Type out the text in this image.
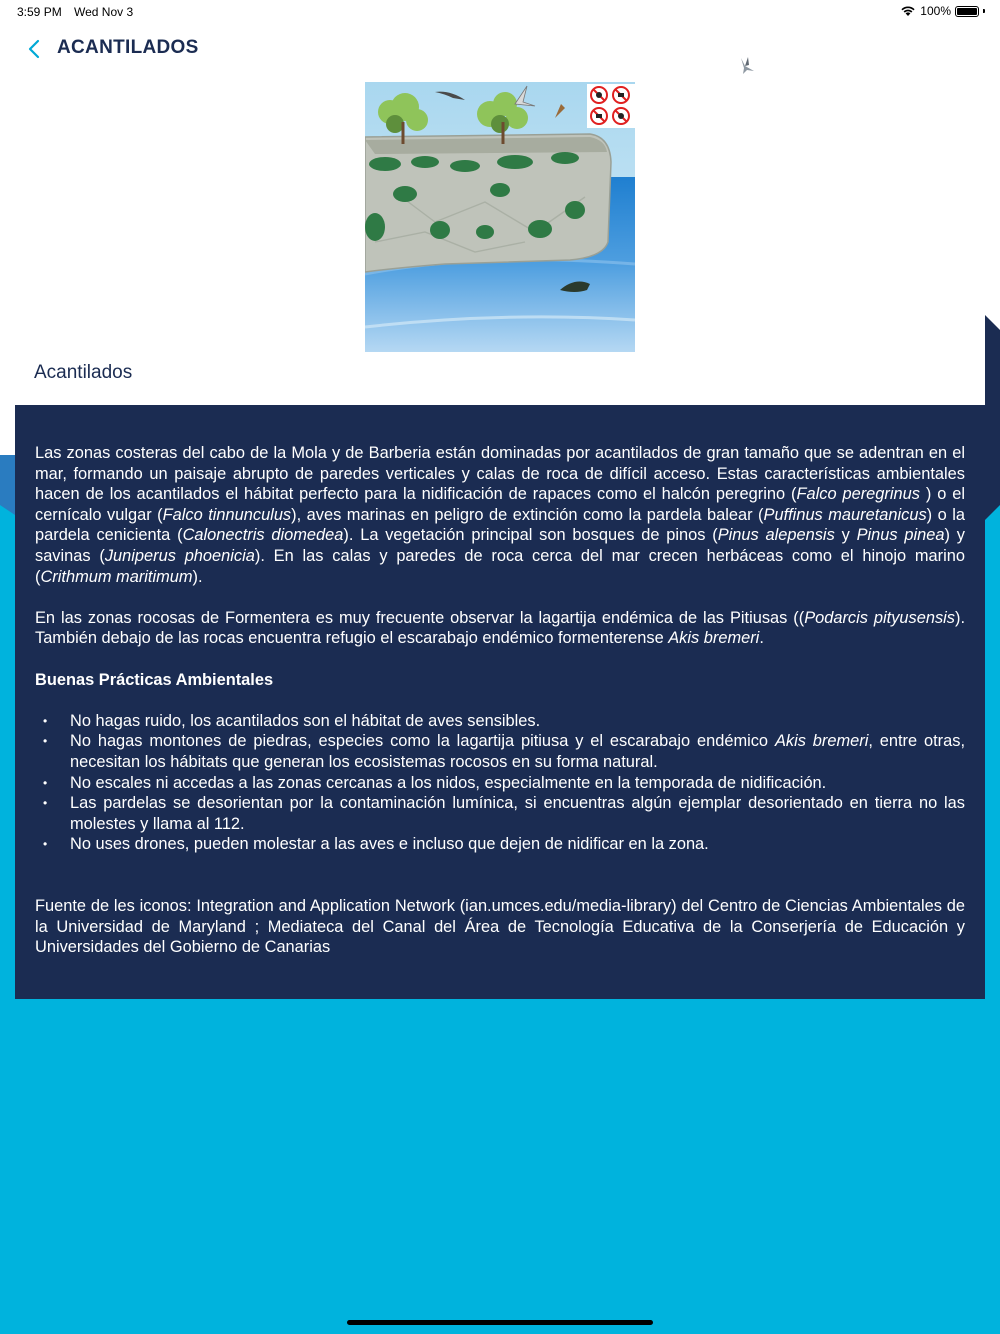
3:59 PM Wed Nov 3	100%
ACANTILADOS
Acantilados

Las zonas costeras del cabo de la Mola y de Barberia están dominadas por acantilados de gran tamaño que se adentran en el mar, formando un paisaje abrupto de paredes verticales y calas de roca de difícil acceso. Estas características ambientales hacen de los acantilados el hábitat perfecto para la nidificación de rapaces como el halcón peregrino (Falco peregrinus ) o el cernícalo vulgar (Falco tinnunculus), aves marinas en peligro de extinción como la pardela balear (Puffinus mauretanicus) o la pardela cenicienta (Calonectris diomedea). La vegetación principal son bosques de pinos (Pinus alepensis y Pinus pinea) y savinas (Juniperus phoenicia). En las calas y paredes de roca cerca del mar crecen herbáceas como el hinojo marino (Crithmum maritimum).

En las zonas rocosas de Formentera es muy frecuente observar la lagartija endémica de las Pitiusas ((Podarcis pityusensis). También debajo de las rocas encuentra refugio el escarabajo endémico formenterense Akis bremeri.

Buenas Prácticas Ambientales

• No hagas ruido, los acantilados son el hábitat de aves sensibles.
• No hagas montones de piedras, especies como la lagartija pitiusa y el escarabajo endémico Akis bremeri, entre otras, necesitan los hábitats que generan los ecosistemas rocosos en su forma natural.
• No escales ni accedas a las zonas cercanas a los nidos, especialmente en la temporada de nidificación.
• Las pardelas se desorientan por la contaminación lumínica, si encuentras algún ejemplar desorientado en tierra no las molestes y llama al 112.
• No uses drones, pueden molestar a las aves e incluso que dejen de nidificar en la zona.

Fuente de les iconos: Integration and Application Network (ian.umces.edu/media-library) del Centro de Ciencias Ambientales de la Universidad de Maryland ; Mediateca del Canal del Área de Tecnología Educativa de la Conserjería de Educación y Universidades del Gobierno de Canarias
